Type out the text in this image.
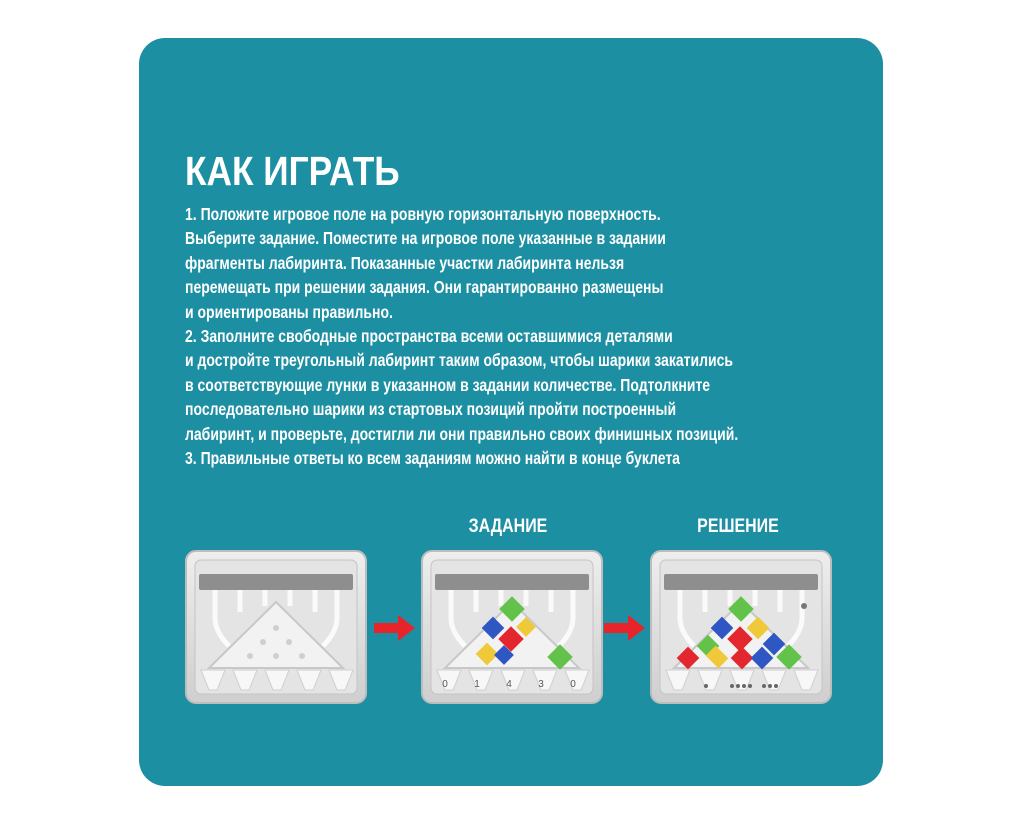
КАК ИГРАТЬ
1. Положите игровое поле на ровную горизонтальную поверхность.
Выберите задание. Поместите на игровое поле указанные в задании
фрагменты лабиринта. Показанные участки лабиринта нельзя
перемещать при решении задания. Они гарантированно размещены
и ориентированы правильно.
2. Заполните свободные пространства всеми оставшимися деталями
и достройте треугольный лабиринт таким образом, чтобы шарики закатились
в соответствующие лунки в указанном в задании количестве. Подтолкните
последовательно шарики из стартовых позиций пройти построенный
лабиринт, и проверьте, достигли ли они правильно своих финишных позиций.
3. Правильные ответы ко всем заданиям можно найти в конце буклета
ЗАДАНИЕ	РЕШЕНИЕ
0	1	4	3	0
